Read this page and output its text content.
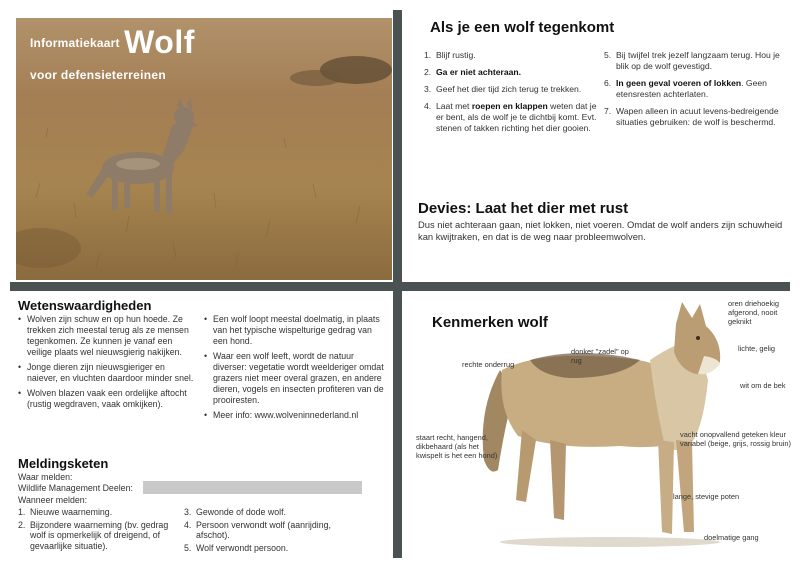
$^{Informatiekaart}$ Wolf
voor defensieterreinen
Als je een wolf tegenkomt
1. Blijf rustig.
2. Ga er niet achteraan.
3. Geef het dier tijd zich terug te trekken.
4. Laat met roepen en klappen weten dat je er bent, als de wolf je te dichtbij komt. Evt. stenen of takken richting het dier gooien.
5. Bij twijfel trek jezelf langzaam terug. Hou je blik op de wolf gevestigd.
6. In geen geval voeren of lokken. Geen etensresten achterlaten.
7. Wapen alleen in acuut levens-bedreigende situaties gebruiken: de wolf is beschermd.
Devies: Laat het dier met rust
Dus niet achteraan gaan, niet lokken, niet voeren. Omdat de wolf anders zijn schuwheid kan kwijtraken, en dat is de weg naar probleemwolven.
Wetenswaardigheden
• Wolven zijn schuw en op hun hoede. Ze trekken zich meestal terug als ze mensen tegenkomen. Ze kunnen je vanaf een veilige plaats wel nieuwsgierig nakijken.
• Jonge dieren zijn nieuwsgieriger en naiever, en vluchten daardoor minder snel.
• Wolven blazen vaak een ordelijke aftocht (rustig wegdraven, vaak omkijken).
• Een wolf loopt meestal doelmatig, in plaats van het typische wispelturige gedrag van een hond.
• Waar een wolf leeft, wordt de natuur diverser: vegetatie wordt weelderiger omdat grazers niet meer overal grazen, en andere dieren, vogels en insecten profiteren van de prooiresten.
• Meer info: www.wolveninnederland.nl
Meldingsketen
Waar melden:
Wildlife Management Deelen:
Wanneer melden:
1. Nieuwe waarneming.
2. Bijzondere waarneming (bv. gedrag wolf is opmerkelijk of dreigend, of gevaarlijke situatie).
3. Gewonde of dode wolf.
4. Persoon verwondt wolf (aanrijding, afschot).
5. Wolf verwondt persoon.
Kenmerken wolf
rechte onderrug
donker "zadel" op rug
oren driehoekig afgerond, nooit geknikt
lichte, gelig
wit om de bek
staart recht, hangend, dikbehaard (als het kwispelt is het een hond)
vacht onopvallend geteken kleur variabel (beige, grijs, rossig bruin)
lange, stevige poten
doelmatige gang
